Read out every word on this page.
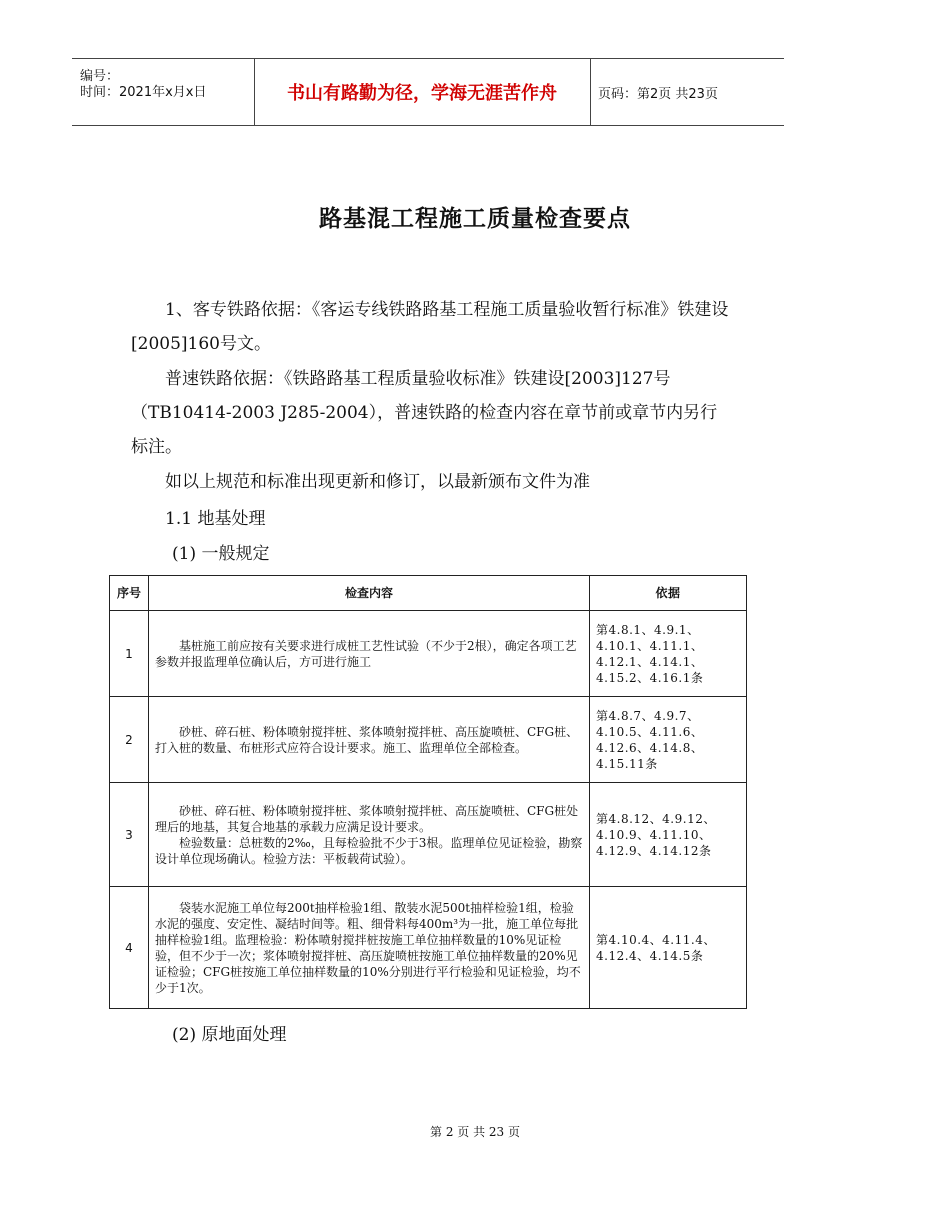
编号：
时间：2021年x月x日	书山有路勤为径，学海无涯苦作舟	页码：第2页 共23页
路基混工程施工质量检查要点
1、客专铁路依据：《客运专线铁路路基工程施工质量验收暂行标准》铁建设[2005]160号文。
普速铁路依据：《铁路路基工程质量验收标准》铁建设[2003]127号（TB10414-2003 J285-2004），普速铁路的检查内容在章节前或章节内另行标注。
如以上规范和标准出现更新和修订，以最新颁布文件为准
1.1 地基处理
(1) 一般规定
序号	检查内容	依据
1	基桩施工前应按有关要求进行成桩工艺性试验（不少于2根），确定各项工艺参数并报监理单位确认后，方可进行施工	第4.8.1、4.9.1、4.10.1、4.11.1、4.12.1、4.14.1、4.15.2、4.16.1条
2	砂桩、碎石桩、粉体喷射搅拌桩、浆体喷射搅拌桩、高压旋喷桩、CFG桩、打入桩的数量、布桩形式应符合设计要求。施工、监理单位全部检查。	第4.8.7、4.9.7、4.10.5、4.11.6、4.12.6、4.14.8、4.15.11条
3	砂桩、碎石桩、粉体喷射搅拌桩、浆体喷射搅拌桩、高压旋喷桩、CFG桩处理后的地基，其复合地基的承载力应满足设计要求。
检验数量：总桩数的2‰，且每检验批不少于3根。监理单位见证检验，勘察设计单位现场确认。检验方法：平板载荷试验）。	第4.8.12、4.9.12、4.10.9、4.11.10、4.12.9、4.14.12条
4	袋装水泥施工单位每200t抽样检验1组、散装水泥500t抽样检验1组，检验水泥的强度、安定性、凝结时间等。粗、细骨料每400m³为一批，施工单位每批抽样检验1组。监理检验：粉体喷射搅拌桩按施工单位抽样数量的10%见证检验，但不少于一次；浆体喷射搅拌桩、高压旋喷桩按施工单位抽样数量的20%见证检验；CFG桩按施工单位抽样数量的10%分别进行平行检验和见证检验，均不少于1次。	第4.10.4、4.11.4、4.12.4、4.14.5条
(2) 原地面处理
第 2 页 共 23 页
